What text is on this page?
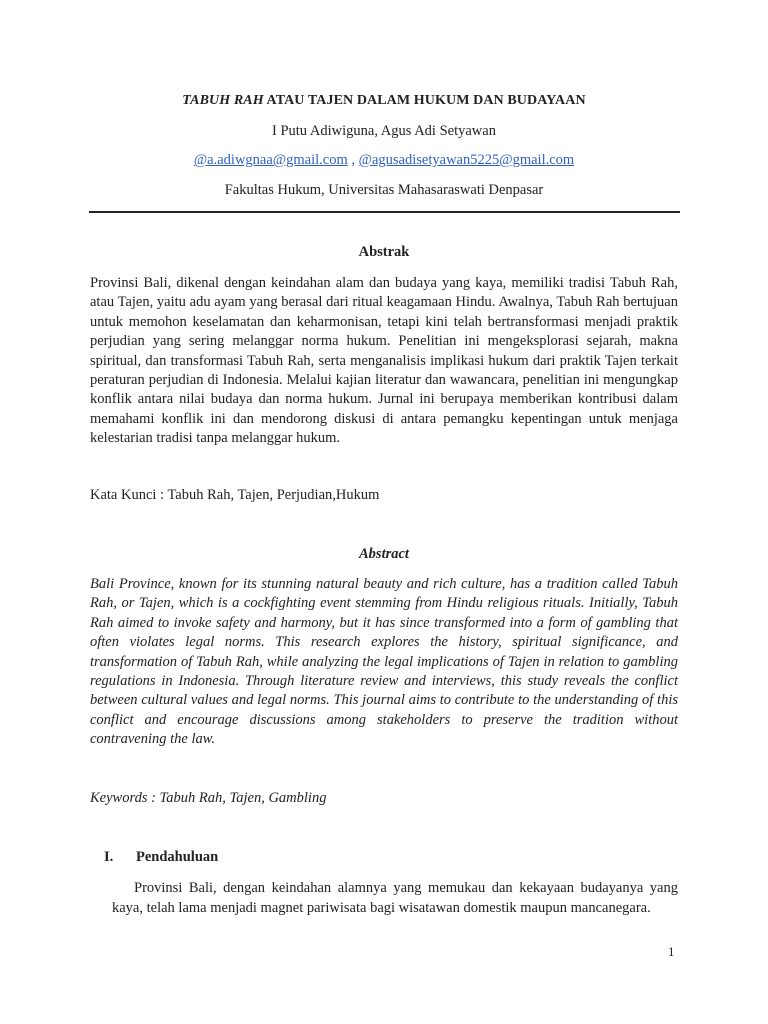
TABUH RAH ATAU TAJEN DALAM HUKUM DAN BUDAYAAN
I Putu Adiwiguna, Agus Adi Setyawan
@a.adiwgnaa@gmail.com , @agusadisetyawan5225@gmail.com
Fakultas Hukum, Universitas Mahasaraswati Denpasar
Abstrak
Provinsi Bali, dikenal dengan keindahan alam dan budaya yang kaya, memiliki tradisi Tabuh Rah, atau Tajen, yaitu adu ayam yang berasal dari ritual keagamaan Hindu. Awalnya, Tabuh Rah bertujuan untuk memohon keselamatan dan keharmonisan, tetapi kini telah bertransformasi menjadi praktik perjudian yang sering melanggar norma hukum. Penelitian ini mengeksplorasi sejarah, makna spiritual, dan transformasi Tabuh Rah, serta menganalisis implikasi hukum dari praktik Tajen terkait peraturan perjudian di Indonesia. Melalui kajian literatur dan wawancara, penelitian ini mengungkap konflik antara nilai budaya dan norma hukum. Jurnal ini berupaya memberikan kontribusi dalam memahami konflik ini dan mendorong diskusi di antara pemangku kepentingan untuk menjaga kelestarian tradisi tanpa melanggar hukum.
Kata Kunci : Tabuh Rah, Tajen, Perjudian,Hukum
Abstract
Bali Province, known for its stunning natural beauty and rich culture, has a tradition called Tabuh Rah, or Tajen, which is a cockfighting event stemming from Hindu religious rituals. Initially, Tabuh Rah aimed to invoke safety and harmony, but it has since transformed into a form of gambling that often violates legal norms. This research explores the history, spiritual significance, and transformation of Tabuh Rah, while analyzing the legal implications of Tajen in relation to gambling regulations in Indonesia. Through literature review and interviews, this study reveals the conflict between cultural values and legal norms. This journal aims to contribute to the understanding of this conflict and encourage discussions among stakeholders to preserve the tradition without contravening the law.
Keywords : Tabuh Rah, Tajen, Gambling
I. Pendahuluan
Provinsi Bali, dengan keindahan alamnya yang memukau dan kekayaan budayanya yang kaya, telah lama menjadi magnet pariwisata bagi wisatawan domestik maupun mancanegara.
1
